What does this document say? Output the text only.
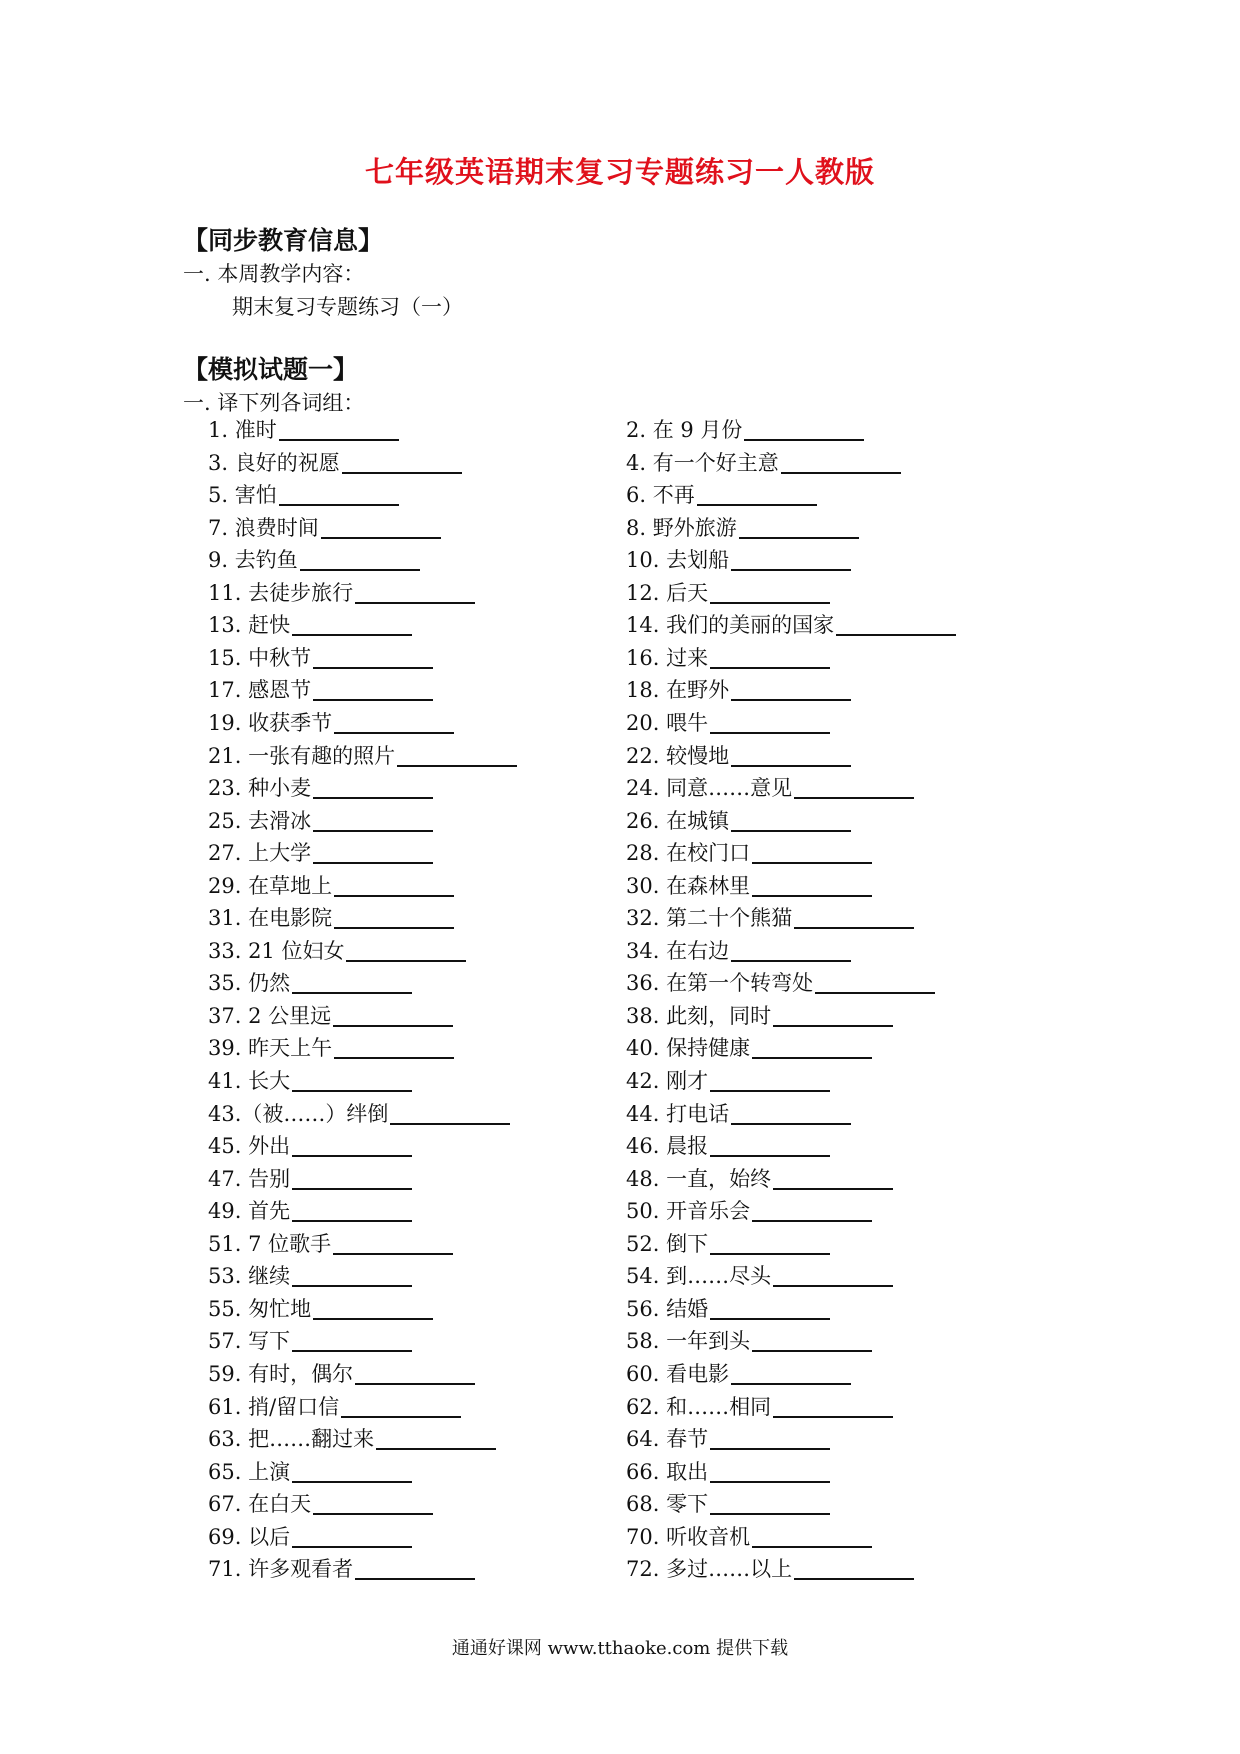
七年级英语期末复习专题练习一人教版
【同步教育信息】
一. 本周教学内容：
期末复习专题练习（一）
【模拟试题一】
一. 译下列各词组：
1. 准时
3. 良好的祝愿
5. 害怕
7. 浪费时间
9. 去钓鱼
11. 去徒步旅行
13. 赶快
15. 中秋节
17. 感恩节
19. 收获季节
21. 一张有趣的照片
23. 种小麦
25. 去滑冰
27. 上大学
29. 在草地上
31. 在电影院
33. 21 位妇女
35. 仍然
37. 2 公里远
39. 昨天上午
41. 长大
43.（被……）绊倒
45. 外出
47. 告别
49. 首先
51. 7 位歌手
53. 继续
55. 匆忙地
57. 写下
59. 有时，偶尔
61. 捎/留口信
63. 把……翻过来
65. 上演
67. 在白天
69. 以后
71. 许多观看者
2. 在 9 月份
4. 有一个好主意
6. 不再
8. 野外旅游
10. 去划船
12. 后天
14. 我们的美丽的国家
16. 过来
18. 在野外
20. 喂牛
22. 较慢地
24. 同意……意见
26. 在城镇
28. 在校门口
30. 在森林里
32. 第二十个熊猫
34. 在右边
36. 在第一个转弯处
38. 此刻，同时
40. 保持健康
42. 刚才
44. 打电话
46. 晨报
48. 一直，始终
50. 开音乐会
52. 倒下
54. 到……尽头
56. 结婚
58. 一年到头
60. 看电影
62. 和……相同
64. 春节
66. 取出
68. 零下
70. 听收音机
72. 多过……以上
通通好课网 www.tthaoke.com 提供下载
